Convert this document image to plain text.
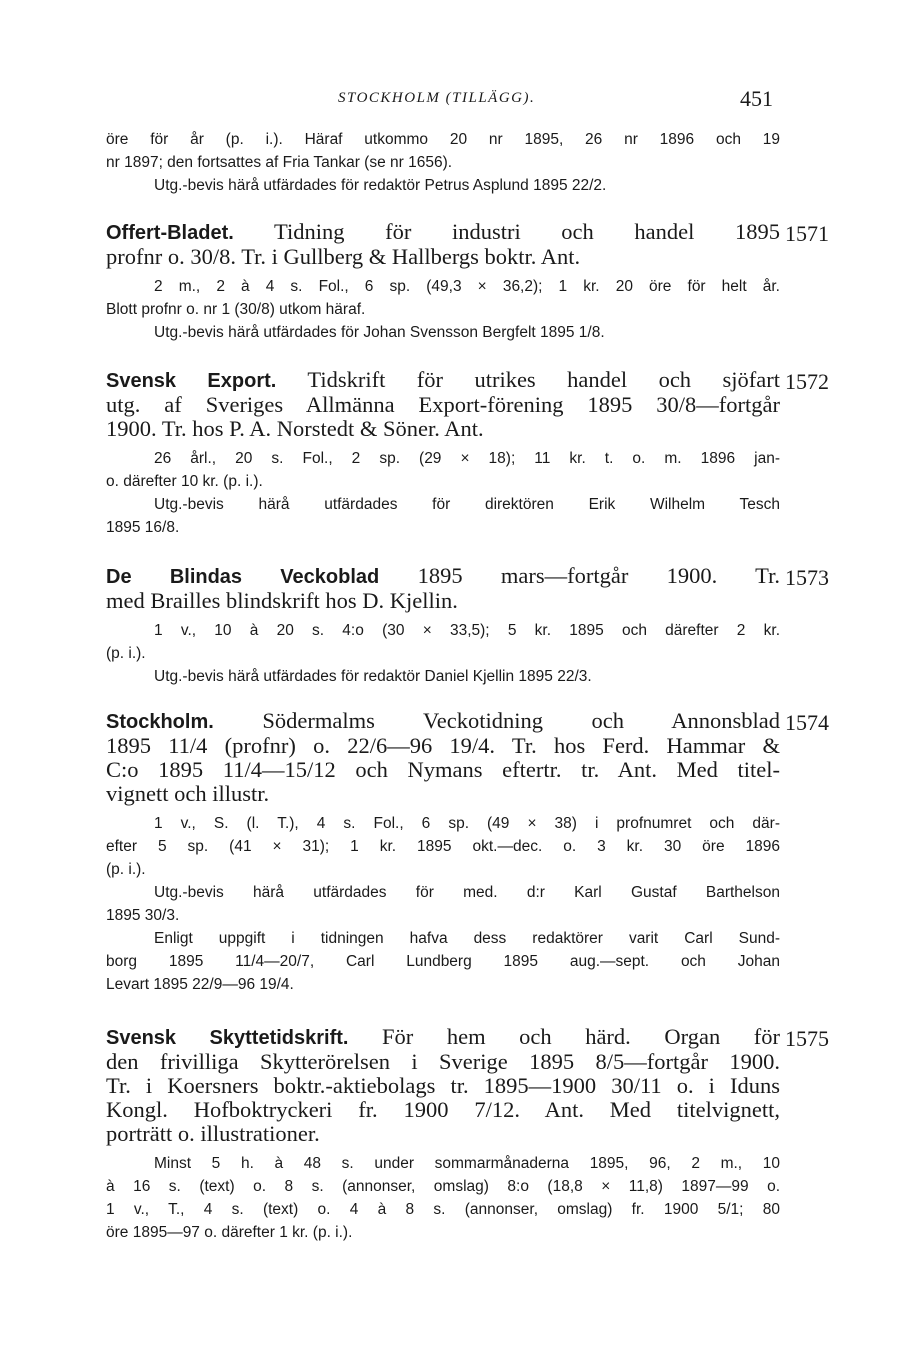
STOCKHOLM (TILLÄGG).	451
öre för år (p. i.). Häraf utkommo 20 nr 1895, 26 nr 1896 och 19
nr 1897; den fortsattes af Fria Tankar (se nr 1656).
Utg.-bevis härå utfärdades för redaktör Petrus Asplund 1895 22/2.
1571
Offert-Bladet. Tidning för industri och handel 1895
profnr o. 30/8. Tr. i Gullberg & Hallbergs boktr. Ant.
2 m., 2 à 4 s. Fol., 6 sp. (49,3 × 36,2); 1 kr. 20 öre för helt år.
Blott profnr o. nr 1 (30/8) utkom häraf.
Utg.-bevis härå utfärdades för Johan Svensson Bergfelt 1895 1/8.
1572
Svensk Export. Tidskrift för utrikes handel och sjöfart
utg. af Sveriges Allmänna Export-förening 1895 30/8—fortgår
1900. Tr. hos P. A. Norstedt & Söner. Ant.
26 årl., 20 s. Fol., 2 sp. (29 × 18); 11 kr. t. o. m. 1896 jan-
o. därefter 10 kr. (p. i.).
Utg.-bevis härå utfärdades för direktören Erik Wilhelm Tesch
1895 16/8.
1573
De Blindas Veckoblad 1895 mars—fortgår 1900. Tr.
med Brailles blindskrift hos D. Kjellin.
1 v., 10 à 20 s. 4:o (30 × 33,5); 5 kr. 1895 och därefter 2 kr.
(p. i.).
Utg.-bevis härå utfärdades för redaktör Daniel Kjellin 1895 22/3.
1574
Stockholm. Södermalms Veckotidning och Annonsblad
1895 11/4 (profnr) o. 22/6—96 19/4. Tr. hos Ferd. Hammar &
C:o 1895 11/4—15/12 och Nymans eftertr. tr. Ant. Med titel-
vignett och illustr.
1 v., S. (l. T.), 4 s. Fol., 6 sp. (49 × 38) i profnumret och där-
efter 5 sp. (41 × 31); 1 kr. 1895 okt.—dec. o. 3 kr. 30 öre 1896
(p. i.).
Utg.-bevis härå utfärdades för med. d:r Karl Gustaf Barthelson
1895 30/3.
Enligt uppgift i tidningen hafva dess redaktörer varit Carl Sund-
borg 1895 11/4—20/7, Carl Lundberg 1895 aug.—sept. och Johan
Levart 1895 22/9—96 19/4.
1575
Svensk Skyttetidskrift. För hem och härd. Organ för
den frivilliga Skytterörelsen i Sverige 1895 8/5—fortgår 1900.
Tr. i Koersners boktr.-aktiebolags tr. 1895—1900 30/11 o. i Iduns
Kongl. Hofboktryckeri fr. 1900 7/12. Ant. Med titelvignett,
porträtt o. illustrationer.
Minst 5 h. à 48 s. under sommarmånaderna 1895, 96, 2 m., 10
à 16 s. (text) o. 8 s. (annonser, omslag) 8:o (18,8 × 11,8) 1897—99 o.
1 v., T., 4 s. (text) o. 4 à 8 s. (annonser, omslag) fr. 1900 5/1; 80
öre 1895—97 o. därefter 1 kr. (p. i.).
